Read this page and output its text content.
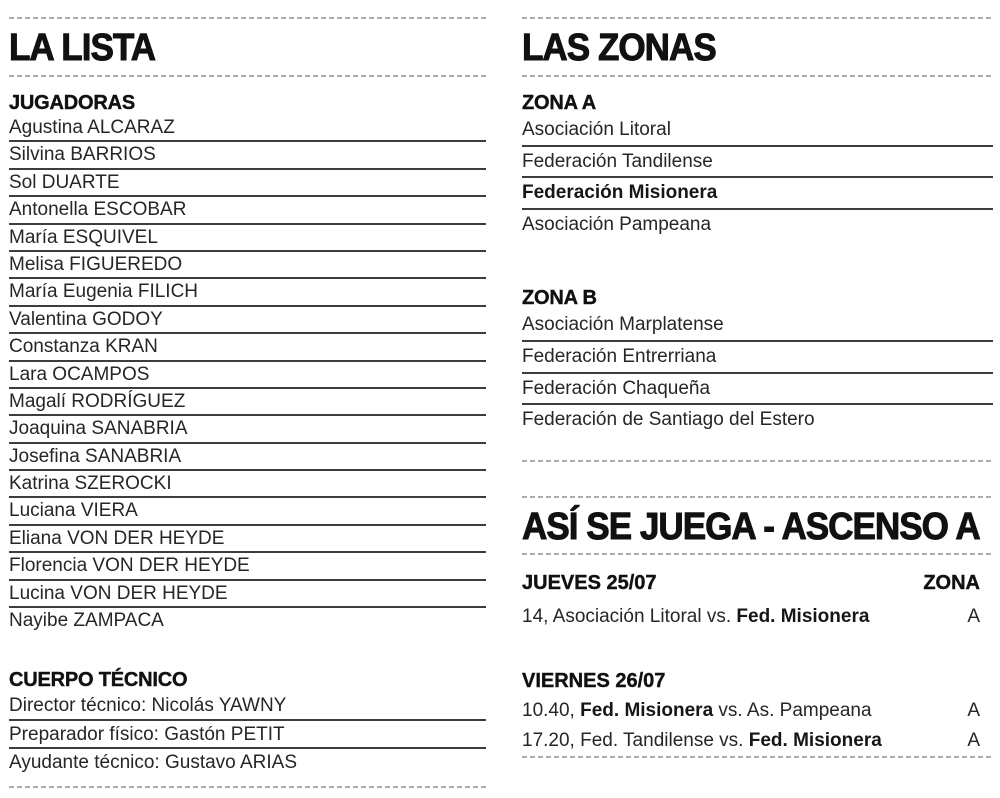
LA LISTA
JUGADORAS
Agustina ALCARAZ
Silvina BARRIOS
Sol DUARTE
Antonella ESCOBAR
María ESQUIVEL
Melisa FIGUEREDO
María Eugenia FILICH
Valentina GODOY
Constanza KRAN
Lara OCAMPOS
Magalí RODRÍGUEZ
Joaquina SANABRIA
Josefina SANABRIA
Katrina SZEROCKI
Luciana VIERA
Eliana VON DER HEYDE
Florencia VON DER HEYDE
Lucina VON DER HEYDE
Nayibe ZAMPACA
CUERPO TÉCNICO
Director técnico: Nicolás YAWNY
Preparador físico: Gastón PETIT
Ayudante técnico: Gustavo ARIAS
LAS ZONAS
ZONA A
Asociación Litoral
Federación Tandilense
Federación Misionera
Asociación Pampeana
ZONA B
Asociación Marplatense
Federación Entrerriana
Federación Chaqueña
Federación de Santiago del Estero
ASÍ SE JUEGA - ASCENSO A
JUEVES 25/07	ZONA
14, Asociación Litoral vs. Fed. Misionera	A
VIERNES 26/07
10.40, Fed. Misionera vs. As. Pampeana	A
17.20, Fed. Tandilense vs. Fed. Misionera	A
